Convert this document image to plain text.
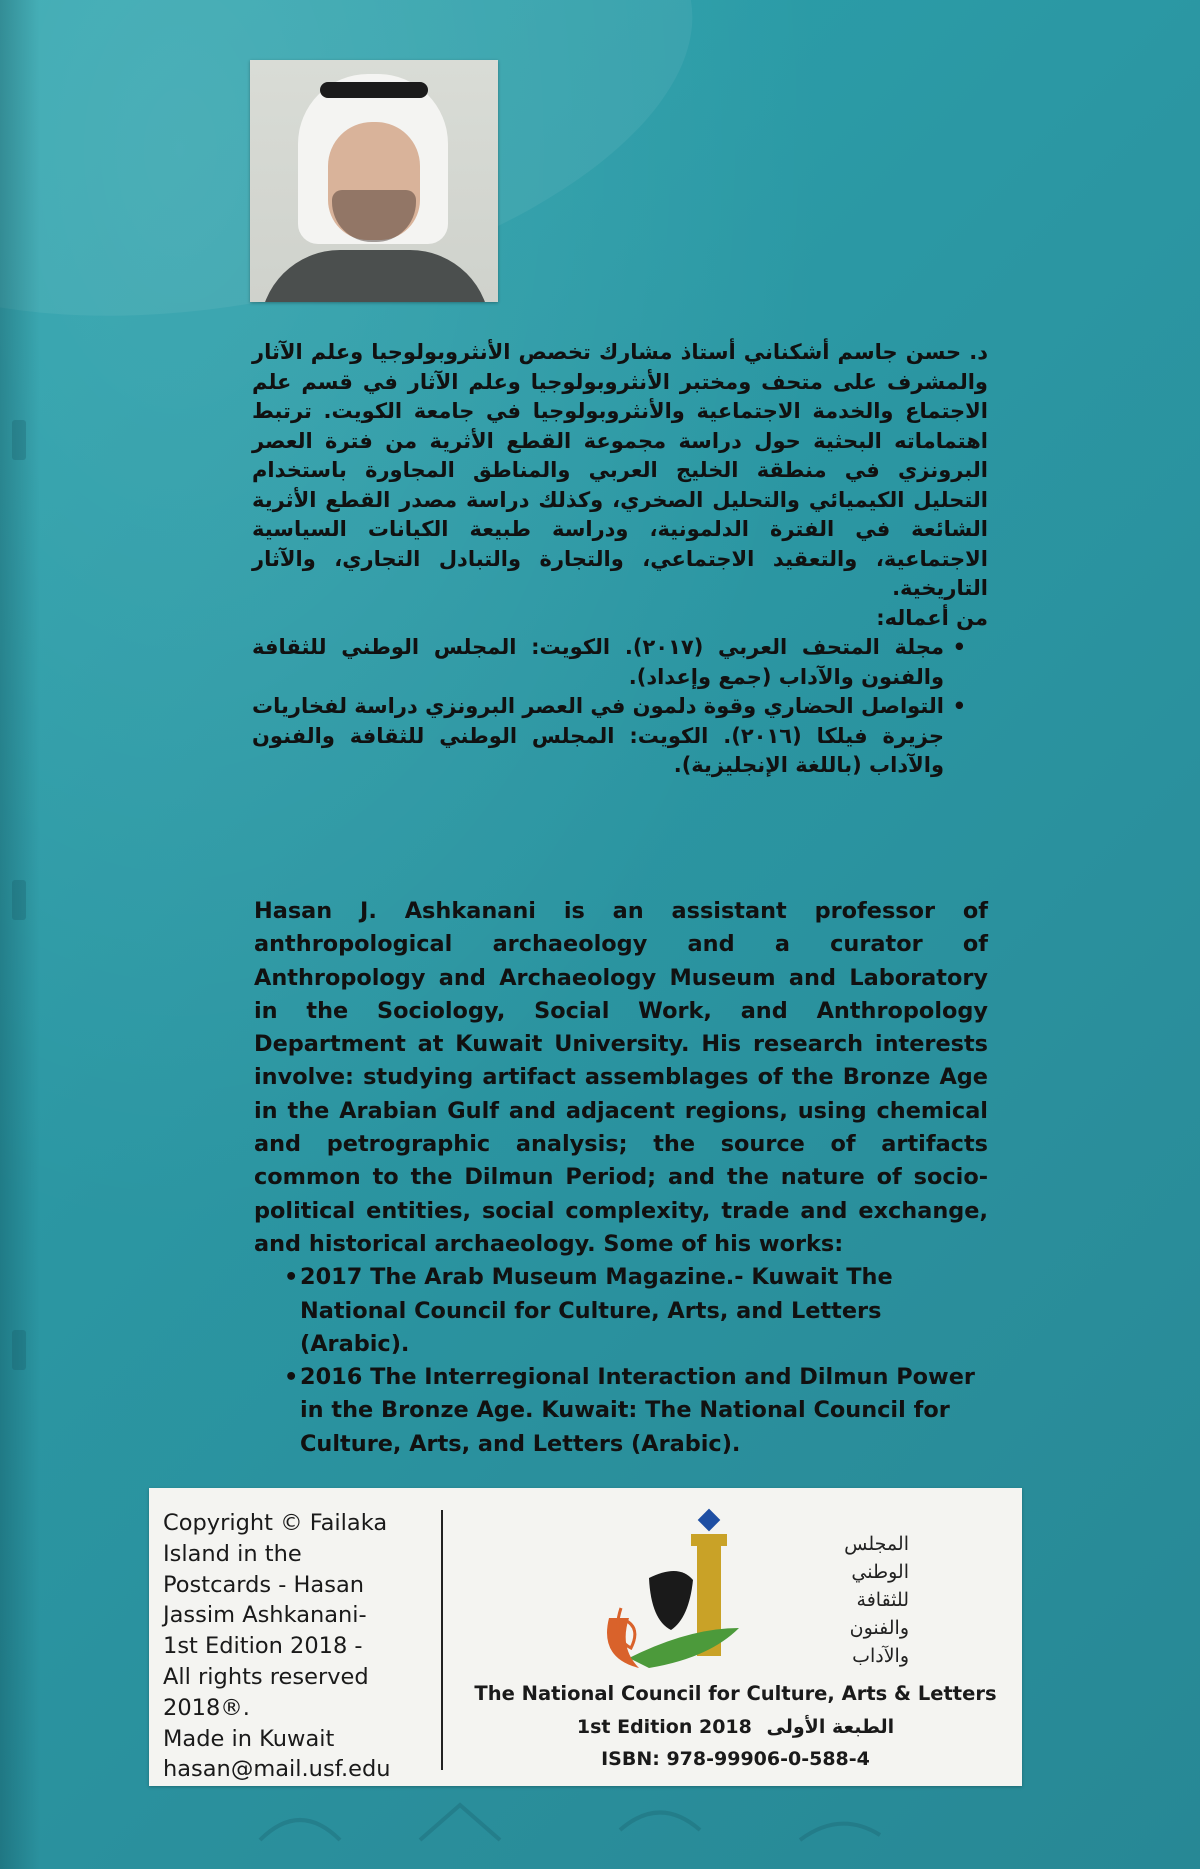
د. حسن جاسم أشكناني أستاذ مشارك تخصص الأنثروبولوجيا وعلم الآثار والمشرف على متحف ومختبر الأنثروبولوجيا وعلم الآثار في قسم علم الاجتماع والخدمة الاجتماعية والأنثروبولوجيا في جامعة الكويت. ترتبط اهتماماته البحثية حول دراسة مجموعة القطع الأثرية من فترة العصر البرونزي في منطقة الخليج العربي والمناطق المجاورة باستخدام التحليل الكيميائي والتحليل الصخري، وكذلك دراسة مصدر القطع الأثرية الشائعة في الفترة الدلمونية، ودراسة طبيعة الكيانات السياسية الاجتماعية، والتعقيد الاجتماعي، والتجارة والتبادل التجاري، والآثار التاريخية.

من أعماله:

• مجلة المتحف العربي (٢٠١٧). الكويت: المجلس الوطني للثقافة والفنون والآداب (جمع وإعداد).
• التواصل الحضاري وقوة دلمون في العصر البرونزي دراسة لفخاريات جزيرة فيلكا (٢٠١٦). الكويت: المجلس الوطني للثقافة والفنون والآداب (باللغة الإنجليزية).

Hasan J. Ashkanani is an assistant professor of anthropological archaeology and a curator of Anthropology and Archaeology Museum and Laboratory in the Sociology, Social Work, and Anthropology Department at Kuwait University. His research interests involve: studying artifact assemblages of the Bronze Age in the Arabian Gulf and adjacent regions, using chemical and petrographic analysis; the source of artifacts common to the Dilmun Period; and the nature of socio-political entities, social complexity, trade and exchange, and historical archaeology. Some of his works:

• 2017 The Arab Museum Magazine.- Kuwait The National Council for Culture, Arts, and Letters (Arabic).
• 2016 The Interregional Interaction and Dilmun Power in the Bronze Age. Kuwait: The National Council for Culture, Arts, and Letters (Arabic).
Copyright © Failaka
Island in the
Postcards - Hasan
Jassim Ashkanani-
1st Edition 2018 -
All rights reserved
2018®.
Made in Kuwait
hasan@mail.usf.edu
المجلس
الوطني
للثقافة
والفنون
والآداب
The National Council for Culture, Arts & Letters
1st Edition 2018 الطبعة الأولى
ISBN: 978-99906-0-588-4
